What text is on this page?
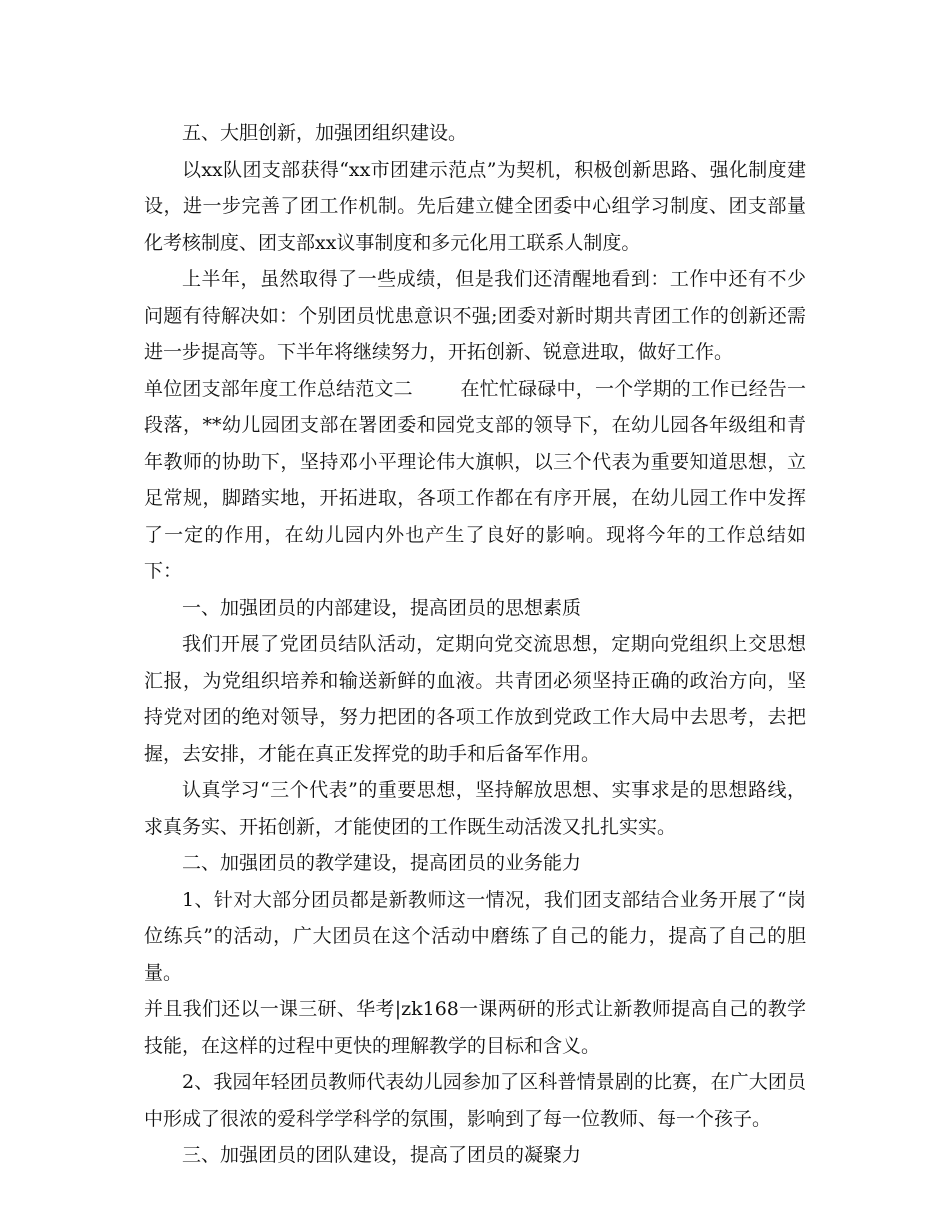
五、大胆创新，加强团组织建设。

以xx队团支部获得“xx市团建示范点”为契机，积极创新思路、强化制度建设，进一步完善了团工作机制。先后建立健全团委中心组学习制度、团支部量化考核制度、团支部xx议事制度和多元化用工联系人制度。

上半年，虽然取得了一些成绩，但是我们还清醒地看到：工作中还有不少问题有待解决如：个别团员忧患意识不强;团委对新时期共青团工作的创新还需进一步提高等。下半年将继续努力，开拓创新、锐意进取，做好工作。

单位团支部年度工作总结范文二	在忙忙碌碌中，一个学期的工作已经告一段落，**幼儿园团支部在署团委和园党支部的领导下，在幼儿园各年级组和青年教师的协助下，坚持邓小平理论伟大旗帜，以三个代表为重要知道思想，立足常规，脚踏实地，开拓进取，各项工作都在有序开展，在幼儿园工作中发挥了一定的作用，在幼儿园内外也产生了良好的影响。现将今年的工作总结如下：

一、加强团员的内部建设，提高团员的思想素质

我们开展了党团员结队活动，定期向党交流思想，定期向党组织上交思想汇报，为党组织培养和输送新鲜的血液。共青团必须坚持正确的政治方向，坚持党对团的绝对领导，努力把团的各项工作放到党政工作大局中去思考，去把握，去安排，才能在真正发挥党的助手和后备军作用。

认真学习“三个代表”的重要思想，坚持解放思想、实事求是的思想路线，求真务实、开拓创新，才能使团的工作既生动活泼又扎扎实实。

二、加强团员的教学建设，提高团员的业务能力

1、针对大部分团员都是新教师这一情况，我们团支部结合业务开展了“岗位练兵”的活动，广大团员在这个活动中磨练了自己的能力，提高了自己的胆量。

并且我们还以一课三研、华考|zk168一课两研的形式让新教师提高自己的教学技能，在这样的过程中更快的理解教学的目标和含义。

2、我园年轻团员教师代表幼儿园参加了区科普情景剧的比赛，在广大团员中形成了很浓的爱科学学科学的氛围，影响到了每一位教师、每一个孩子。

三、加强团员的团队建设，提高了团员的凝聚力
